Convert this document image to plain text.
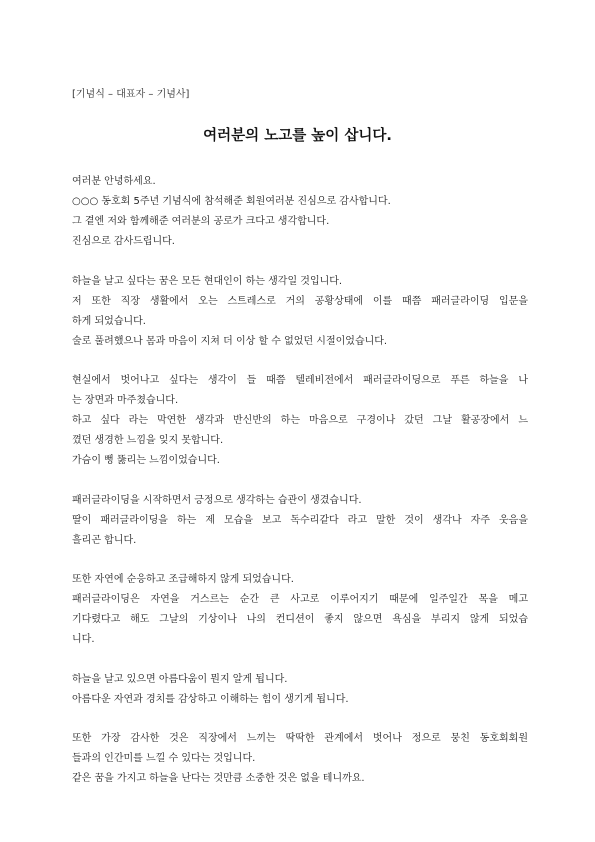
[기념식 – 대표자 – 기념사]
여러분의 노고를 높이 삽니다.
여러분 안녕하세요.
○○○ 동호회 5주년 기념식에 참석해준 회원여러분 진심으로 감사합니다.
그 곁엔 저와 함께해준 여러분의 공로가 크다고 생각합니다.
진심으로 감사드립니다.
하늘을 날고 싶다는 꿈은 모든 현대인이 하는 생각일 것입니다.
저 또한 직장 생활에서 오는 스트레스로 거의 공황상태에 이를 때쯤 패러글라이딩 입문을
하게 되었습니다.
술로 풀려했으나 몸과 마음이 지쳐 더 이상 할 수 없었던 시절이었습니다.
현실에서 벗어나고 싶다는 생각이 들 때쯤 텔레비전에서 패러글라이딩으로 푸른 하늘을 나
는 장면과 마주쳤습니다.
하고 싶다 라는 막연한 생각과 반신반의 하는 마음으로 구경이나 갔던 그날 활공장에서 느
꼈던 생경한 느낌을 잊지 못합니다.
가슴이 뻥 뚫리는 느낌이었습니다.
패러글라이딩을 시작하면서 긍정으로 생각하는 습관이 생겼습니다.
딸이 패러글라이딩을 하는 제 모습을 보고 독수리같다 라고 말한 것이 생각나 자주 웃음을
흘리곤 합니다.
또한 자연에 순응하고 조급해하지 않게 되었습니다.
패러글라이딩은 자연을 거스르는 순간 큰 사고로 이루어지기 때문에 일주일간 목을 메고
기다렸다고 해도 그날의 기상이나 나의 컨디션이 좋지 않으면 욕심을 부리지 않게 되었습
니다.
하늘을 날고 있으면 아름다움이 뭔지 알게 됩니다.
아름다운 자연과 경치를 감상하고 이해하는 힘이 생기게 됩니다.
또한 가장 감사한 것은 직장에서 느끼는 딱딱한 관계에서 벗어나 정으로 뭉친 동호회회원
들과의 인간미를 느낄 수 있다는 것입니다.
같은 꿈을 가지고 하늘을 난다는 것만큼 소중한 것은 없을 테니까요.
